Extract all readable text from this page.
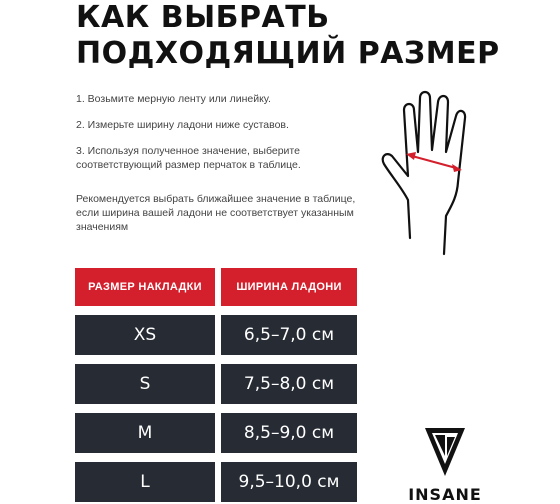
КАК ВЫБРАТЬ
ПОДХОДЯЩИЙ РАЗМЕР

1. Возьмите мерную ленту или линейку.

2. Измерьте ширину ладони ниже суставов.

3. Используя полученное значение, выберите соответствующий размер перчаток в таблице.

Рекомендуется выбрать ближайшее значение в таблице, если ширина вашей ладони не соответствует указанным значениям

РАЗМЕР НАКЛАДКИ	ШИРИНА ЛАДОНИ
XS	6,5–7,0 см
S	7,5–8,0 см
M	8,5–9,0 см
L	9,5–10,0 см
INSANE
